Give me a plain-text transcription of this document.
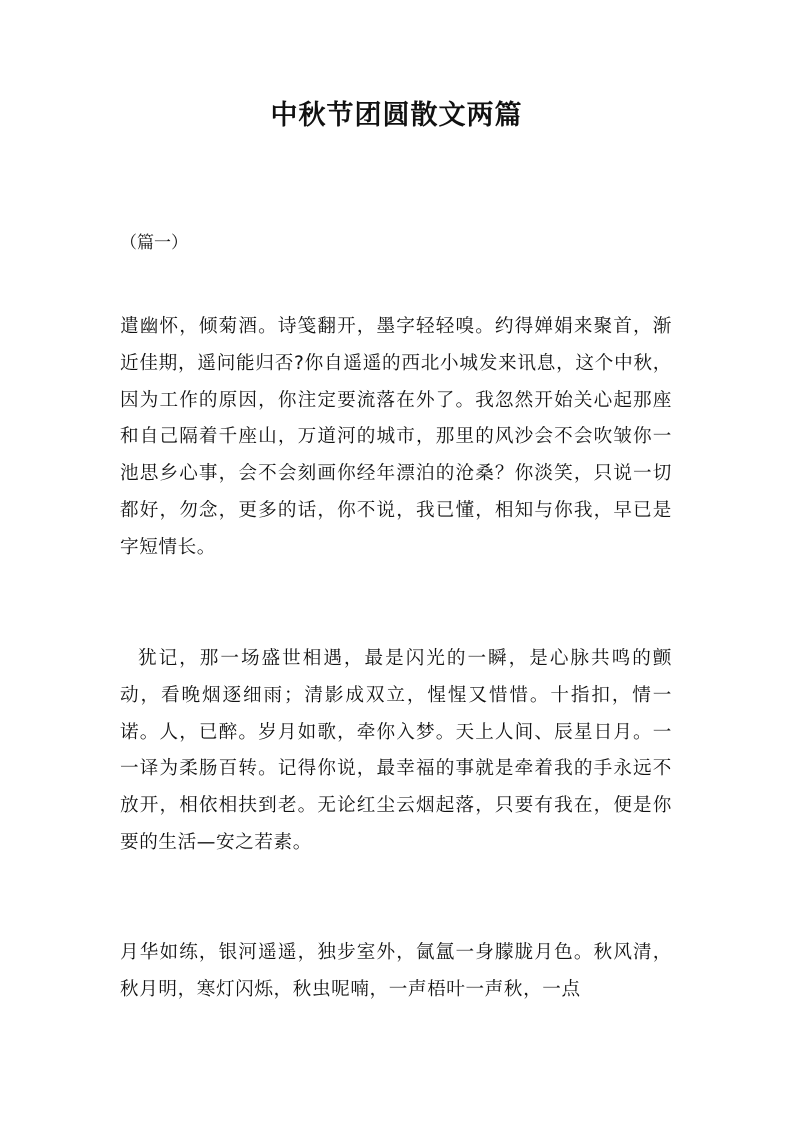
中秋节团圆散文两篇

（篇一）

遣幽怀，倾菊酒。诗笺翻开，墨字轻轻嗅。约得婵娟来聚首，渐近佳期，遥问能归否?你自遥遥的西北小城发来讯息，这个中秋，因为工作的原因，你注定要流落在外了。我忽然开始关心起那座和自己隔着千座山，万道河的城市，那里的风沙会不会吹皱你一池思乡心事，会不会刻画你经年漂泊的沧桑？你淡笑，只说一切都好，勿念，更多的话，你不说，我已懂，相知与你我，早已是字短情长。

犹记，那一场盛世相遇，最是闪光的一瞬，是心脉共鸣的颤动，看晚烟逐细雨；清影成双立，惺惺又惜惜。十指扣，情一诺。人，已醉。岁月如歌，牵你入梦。天上人间、辰星日月。一一译为柔肠百转。记得你说，最幸福的事就是牵着我的手永远不放开，相依相扶到老。无论红尘云烟起落，只要有我在，便是你要的生活—安之若素。

月华如练，银河遥遥，独步室外，氤氲一身朦胧月色。秋风清，秋月明，寒灯闪烁，秋虫呢喃，一声梧叶一声秋，一点
